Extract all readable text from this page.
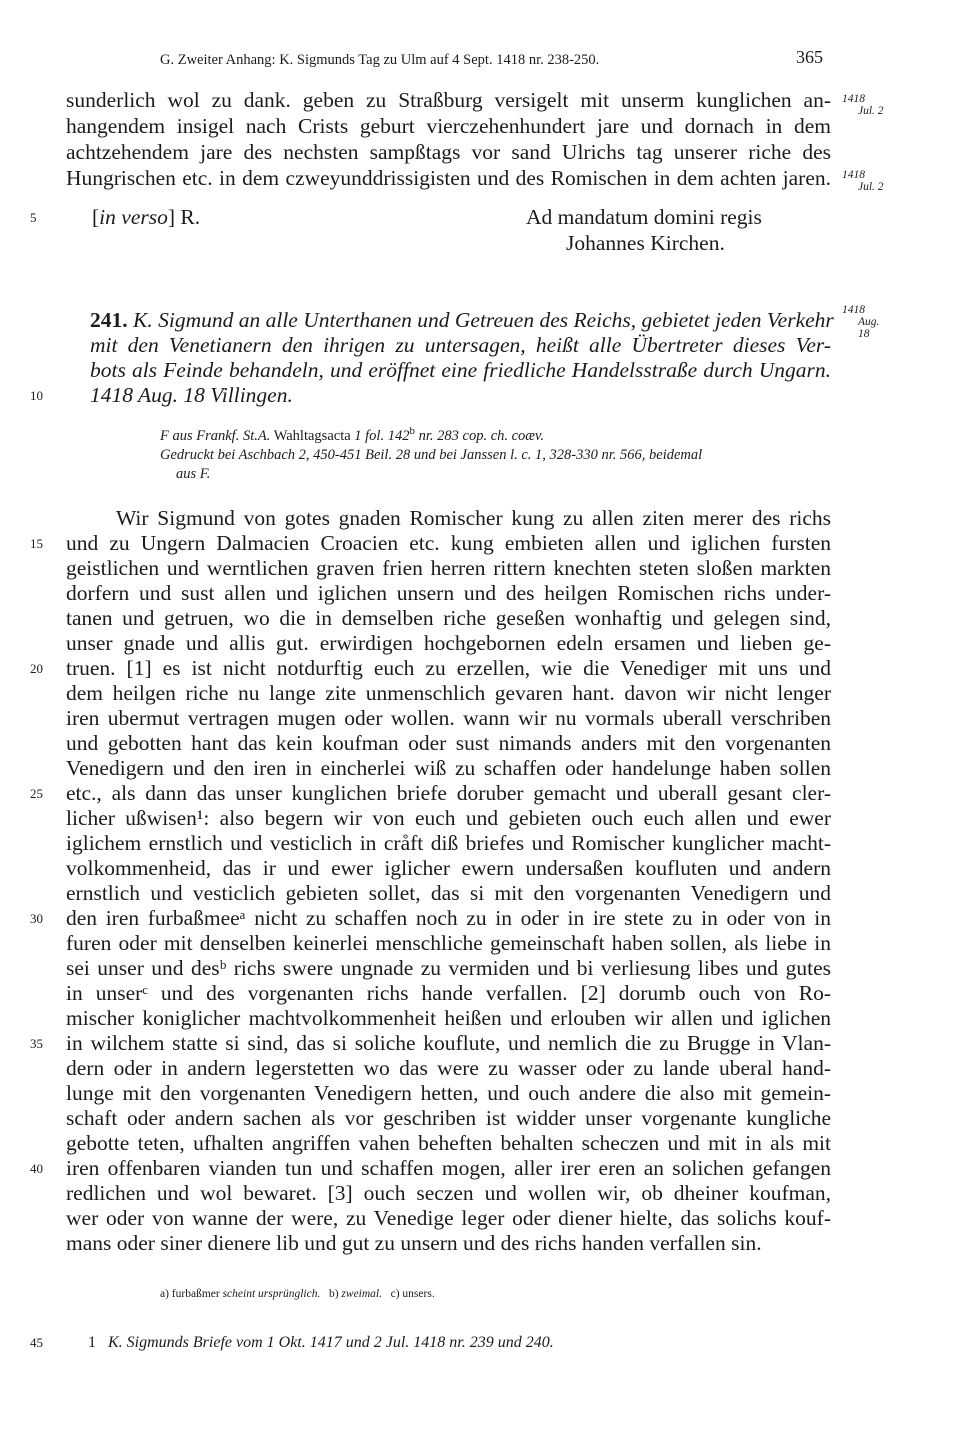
G. Zweiter Anhang: K. Sigmunds Tag zu Ulm auf 4 Sept. 1418 nr. 238-250.	365
sunderlich wol zu dank. geben zu Straßburg versigelt mit unserm kunglichen an-
hangendem insigel nach Crists geburt vierczehenhundert jare und dornach in dem
achtzehendem jare des nechsten sampßtags vor sand Ulrichs tag unserer riche des
Hungrischen etc. in dem czweyunddrissigisten und des Romischen in dem achten jaren.
1418
Jul. 2
1418
Jul. 2
5	[in verso] R.	Ad mandatum domini regis
Johannes Kirchen.
241. K. Sigmund an alle Unterthanen und Getreuen des Reichs, gebietet jeden Verkehr
mit den Venetianern den ihrigen zu untersagen, heißt alle Übertreter dieses Ver-
bots als Feinde behandeln, und eröffnet eine friedliche Handelsstraße durch Ungarn.
10	1418 Aug. 18 Villingen.
1418
Aug. 18
F aus Frankf. St.A. Wahltagsacta 1 fol. 142$^b$ nr. 283 cop. ch. coæv.
Gedruckt bei Aschbach 2, 450-451 Beil. 28 und bei Janssen l. c. 1, 328-330 nr. 566, beidemal
aus F.
Wir Sigmund von gotes gnaden Romischer kung zu allen ziten merer des richs
und zu Ungern Dalmacien Croacien etc. kung embieten allen und iglichen fursten
geistlichen und werntlichen graven frien herren rittern knechten steten sloßen markten
dorfern und sust allen und iglichen unsern und des heilgen Romischen richs under-
tanen und getruen, wo die in demselben riche geseßen wonhaftig und gelegen sind,
unser gnade und allis gut. erwirdigen hochgebornen edeln ersamen und lieben ge-
truen. [1] es ist nicht notdurftig euch zu erzellen, wie die Venediger mit uns und
dem heilgen riche nu lange zite unmenschlich gevaren hant. davon wir nicht lenger
iren ubermut vertragen mugen oder wollen. wann wir nu vormals uberall verschriben
und gebotten hant das kein koufman oder sust nimands anders mit den vorgenanten
Venedigern und den iren in eincherlei wiß zu schaffen oder handelunge haben sollen
etc., als dann das unser kunglichen briefe doruber gemacht und uberall gesant cler-
licher ußwisen¹: also begern wir von euch und gebieten ouch euch allen und ewer
iglichem ernstlich und vesticlich in cråft diß briefes und Romischer kunglicher macht-
volkommenheid, das ir und ewer iglicher ewern undersaßen koufluten und andern
ernstlich und vesticlich gebieten sollet, das si mit den vorgenanten Venedigern und
den iren furbaßmeeᵃ nicht zu schaffen noch zu in oder in ire stete zu in oder von in
furen oder mit denselben keinerlei menschliche gemeinschaft haben sollen, als liebe in
sei unser und desᵇ richs swere ungnade zu vermiden und bi verliesung libes und gutes
in unserᶜ und des vorgenanten richs hande verfallen. [2] dorumb ouch von Ro-
mischer koniglicher machtvolkommenheit heißen und erlouben wir allen und iglichen
in wilchem statte si sind, das si soliche kouflute, und nemlich die zu Brugge in Vlan-
dern oder in andern legerstetten wo das were zu wasser oder zu lande uberal hand-
lunge mit den vorgenanten Venedigern hetten, und ouch andere die also mit gemein-
schaft oder andern sachen als vor geschriben ist widder unser vorgenante kungliche
gebotte teten, ufhalten angriffen vahen beheften behalten scheczen und mit in als mit
iren offenbaren vianden tun und schaffen mogen, aller irer eren an solichen gefangen
redlichen und wol bewaret. [3] ouch seczen und wollen wir, ob dheiner koufman,
wer oder von wanne der were, zu Venedige leger oder diener hielte, das solichs kouf-
mans oder siner dienere lib und gut zu unsern und des richs handen verfallen sin.
15
20
25
30
35
40
a) furbaßmer scheint ursprünglich. b) zweimal. c) unsers.
45	1 K. Sigmunds Briefe vom 1 Okt. 1417 und 2 Jul. 1418 nr. 239 und 240.
